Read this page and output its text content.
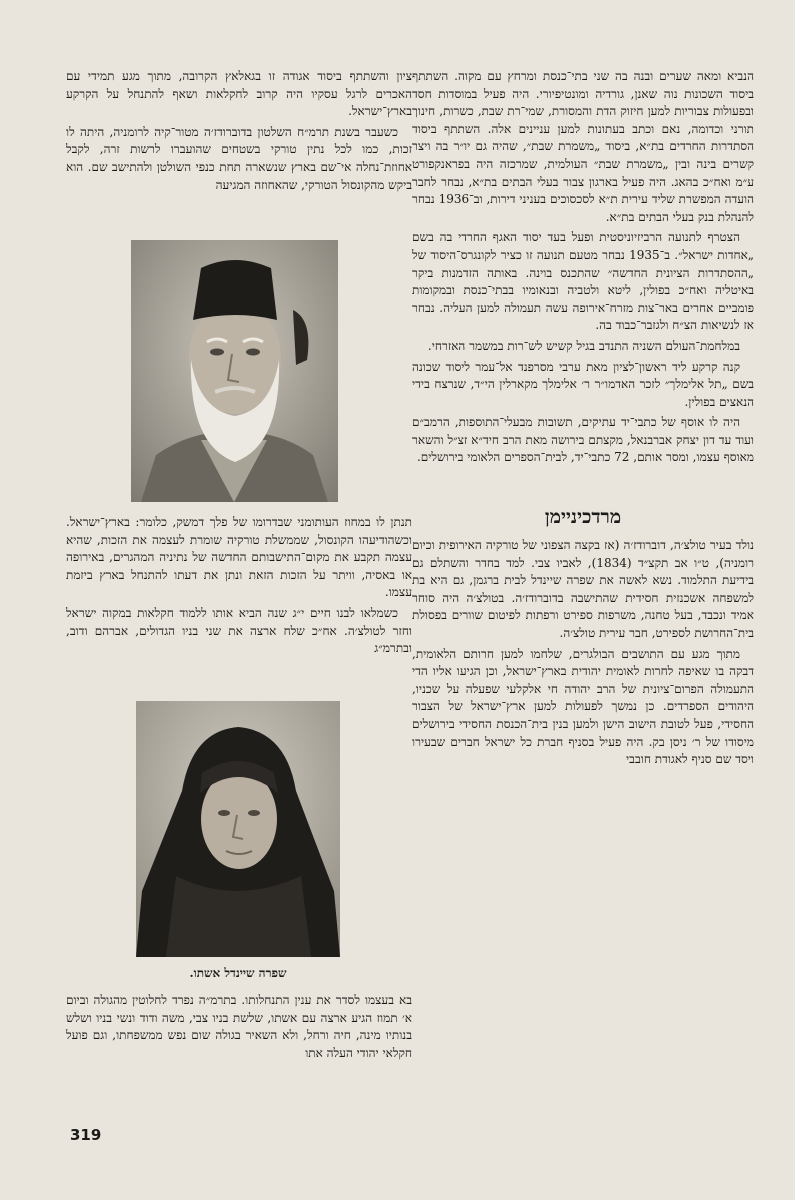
הנביא ומאה שערים ובנה בה שני בתי־כנסת ומרחץ עם מקוה. השתתף ביסוד השכונות נוה שאנן, גורדיה ומונטיפיורי. היה פעיל במוסדות חסד ובפעולות צבוריות למען חיזוק הדת והמסורת, שמי־רת שבת, כשרות, חינוך תורני וכדומה, נאם וכתב בעתונות למען עניינים אלה. השתתף ביסוד הסתדרות החרדים בת״א, ביסוד „משמרת שבת״, שהיה גם יו״ר בה ויצר קשרים בינה ובין „משמרת שבת״ העולמית, שמרכזה היה בפראנקפורט ע״מ ואח״כ בהאג. היה פעיל בארגון צבור בעלי הבתים בת״א, נבחר לחבר הועדה המפשרת שליד עירית ת״א לסכסוכים בעניני דירות, וב־1936 נבחר להנהלת בנק בעלי הבתים בת״א.

הצטרף לתנועה הרביזיוניסטית ופעל בעד יסוד האגף החרדי בה בשם „אחדות ישראל״. ב־1935 נבחר מטעם תנועה זו כציר לקונגרס־היסוד של „ההסתדרות הציונית החדשה״ שהתכנס בוינה. באותה הזדמנות ביקר באיטליה ואח״כ בפולין, ליטא ולטביה ובנאומיו בבתי־כנסת ובמקומות פומביים אחרים באר־צות מזרח־אירופה עשה תעמולה למען העליה. נבחר אז לנשיאות הצ״ח ולגזבר־כבוד בה.

במלחמת־העולם השניה התנדב בגיל קשיש לש־רות במשמר האזרחי.

קנה קרקע ליד ראשון־לציון מאת ערבי מסרפנד אל־עמר ליסוד שכונה בשם „תל אלימלך״ לזכר האדמו״ר ר׳ אלימלך מקארלין הי״ד, שנרצח בידי הנאצים בפולין.

היה לו אוסף של כתבי־יד עתיקים, תשובות מבעלי־התוספות, הרמב״ם ועוד עד דון יצחק אברבנאל, מקצתם בירושה מאת הרב חיד״א זצ״ל והשאר מאוסף עצמו, ומסר אותם, 72 כתבי־יד, לבית־הספרים הלאומי בירושלים.

מרדכיניימן

נולד בעיר טולצ׳ה, דוברודז׳ה (אז בקצה הצפוני של טורקיה האירופית וכיום רומניה), ט״ו אב תקצ״ד (1834), לאביו צבי. למד בחדר והשתלם גם בידיעת התלמוד. נשא לאשה את שפרה שיינדל לבית ברגמן, גם היא בת למשפחה אשכנזית חסידית שהתישבה בדוברודז׳ה. בטולצ׳ה היה סוחר אמיד ונכבד, בעל טחנה, משרפות ספירט ורפתות לפיטום שוורים בפסולת בית־החרושת לספירט, חבר עירית טולצ׳ה.

מתוך מגע עם התושבים הבולגרים, שלחמו למען חרותם הלאומית, דבקה בו שאיפה לחרות לאומית יהודית בארץ־ישראל, וכן הגיעו אליו הדי התעמולה הפרום־ציונית של הרב יהודה חי אלקלעי שפעלה על שכניו, היהודים הספרדים. כן נמשך לפעולות למען ארץ־ישראל של הצבור החסידי, פעל לטובת הישוב הישן ולמען בנין בית־הכנסת החסידי בירושלים מיסודו של ר׳ ניסן בק. היה פעיל בסניף חברת כל ישראל חברים שבעירו ויסד שם סניף לאגודת חובבי

ציון והשתתף ביסוד אגודה זו בגאלאץ הקרובה, מתוך מגע תמידי עם האכרים לרגל עסקיו היה קרוב לחקלאות ושאף להתנחל על הקרקע בארץ־ישראל.

כשעבר בשנת תרמ״ח השלטון בדוברודז׳ה מטור־קיה לרומניה, היתה לו זכות, כמו לכל נתין טורקי בשטחים שהועברו לרשות זרה, לקבל אחוזת־נחלה אי־שם בארץ שנשארה תחת כנפי השולטן ולהתישב שם. הוא ביקש מהקונסול הטורקי, שהאחוזה המגיעה

תנתן לו במחוז העותומני שבדרומו של פלך דמשק, כלומר: בארץ־ישראל. וכשהודיעהו הקונסול, שממשלת טורקיה שומרת לעצמה את הזכות, שהיא עצמה תקבע את מקום־התישבותם החדשה של נתיניה המהגרים, באירופה או באסיה, וויתר על הזכות הזאת ונתן את דעתו להתנחל בארץ ביזמת עצמו.

כשמלאו לבנו חיים י״ג שנה הביא אותו ללמוד חקלאות במקוה ישראל וחזר לטולצ׳ה. אח״כ שלח ארצה את שני בניו הגדולים, אברהם ודוב, ובתרמ״ג

שפרה שיינדל אשתו.

בא בעצמו לסדר את ענין התנחלותו. בתרמ״ה נפרד לחלוטין מהגולה וביום א׳ תמוז הגיע ארצה עם אשתו, שלשת בניו צבי, משה ודוד ונשי בניו ושלש בנותיו מינה, חיה ורחל, ולא השאיר בגולה שום נפש ממשפחתו, וגם פועל חקלאי יהודי העלה אתו

319
